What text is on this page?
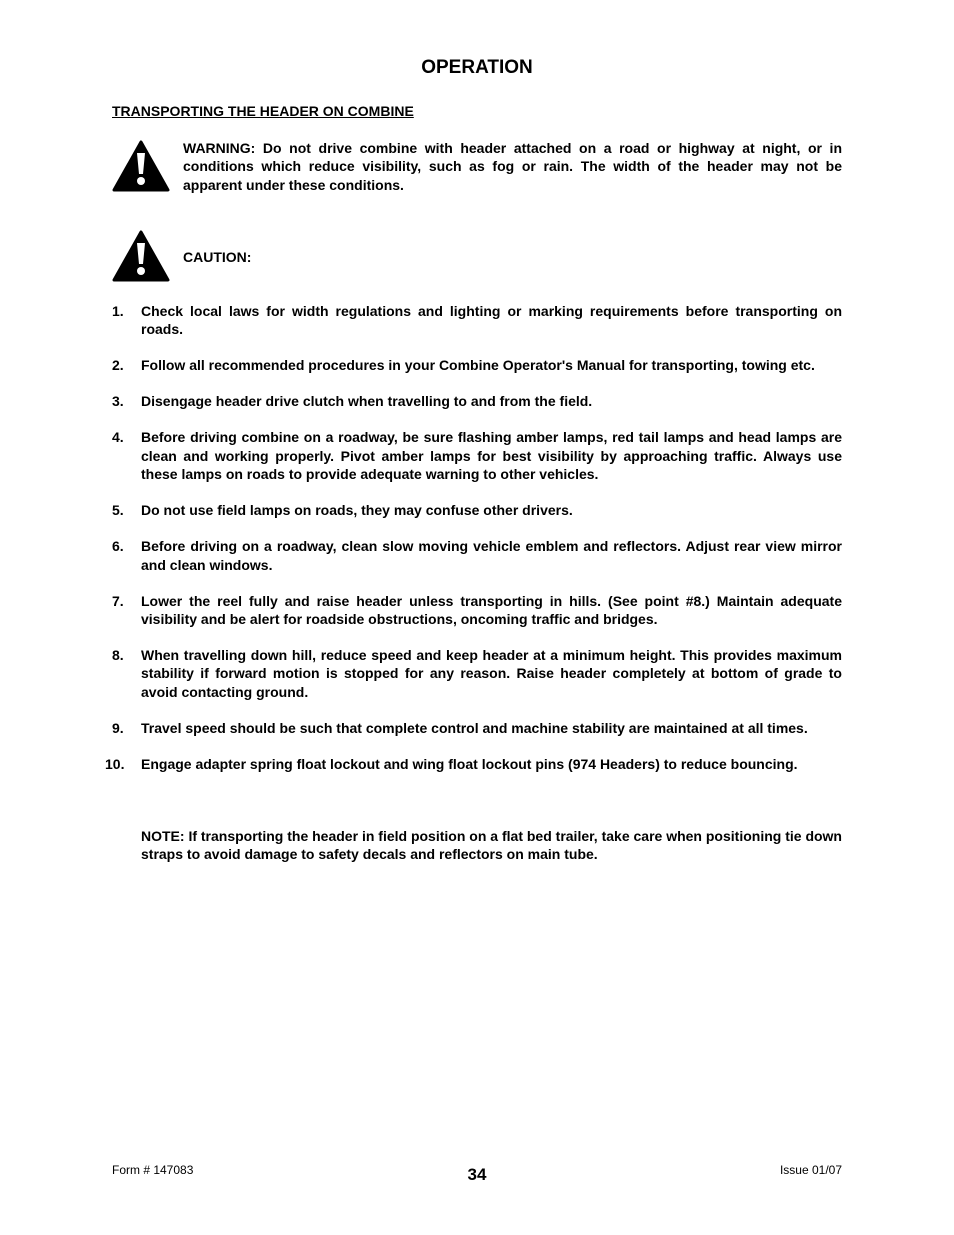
OPERATION
TRANSPORTING THE HEADER ON COMBINE
WARNING: Do not drive combine with header attached on a road or highway at night, or in conditions which reduce visibility, such as fog or rain. The width of the header may not be apparent under these conditions.
CAUTION:
1. Check local laws for width regulations and lighting or marking requirements before transporting on roads.
2. Follow all recommended procedures in your Combine Operator's Manual for transporting, towing etc.
3. Disengage header drive clutch when travelling to and from the field.
4. Before driving combine on a roadway, be sure flashing amber lamps, red tail lamps and head lamps are clean and working properly. Pivot amber lamps for best visibility by approaching traffic. Always use these lamps on roads to provide adequate warning to other vehicles.
5. Do not use field lamps on roads, they may confuse other drivers.
6. Before driving on a roadway, clean slow moving vehicle emblem and reflectors. Adjust rear view mirror and clean windows.
7. Lower the reel fully and raise header unless transporting in hills. (See point #8.) Maintain adequate visibility and be alert for roadside obstructions, oncoming traffic and bridges.
8. When travelling down hill, reduce speed and keep header at a minimum height. This provides maximum stability if forward motion is stopped for any reason. Raise header completely at bottom of grade to avoid contacting ground.
9. Travel speed should be such that complete control and machine stability are maintained at all times.
10. Engage adapter spring float lockout and wing float lockout pins (974 Headers) to reduce bouncing.
NOTE: If transporting the header in field position on a flat bed trailer, take care when positioning tie down straps to avoid damage to safety decals and reflectors on main tube.
Form # 147083	34	Issue 01/07
